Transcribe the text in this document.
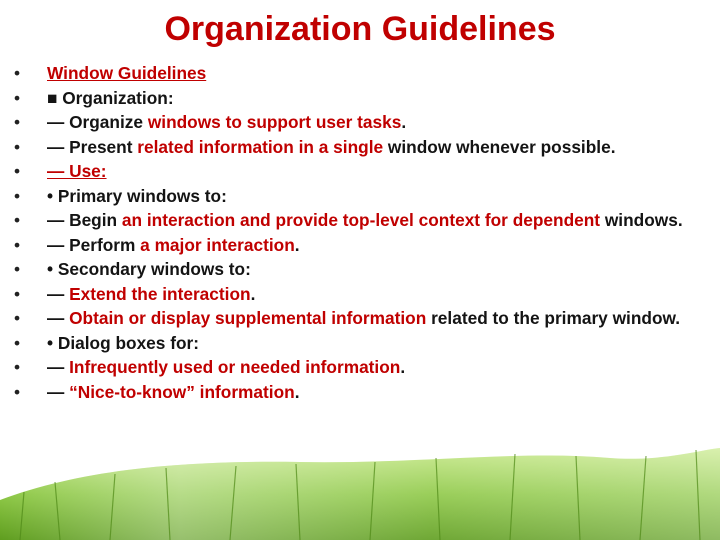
Organization Guidelines
• Window Guidelines
• ■ Organization:
• — Organize windows to support user tasks.
• — Present related information in a single window whenever possible.
• — Use:
• • Primary windows to:
• — Begin an interaction and provide top-level context for dependent windows.
• — Perform a major interaction.
• • Secondary windows to:
• — Extend the interaction.
• — Obtain or display supplemental information related to the primary window.
• • Dialog boxes for:
• — Infrequently used or needed information.
• — “Nice-to-know” information.
